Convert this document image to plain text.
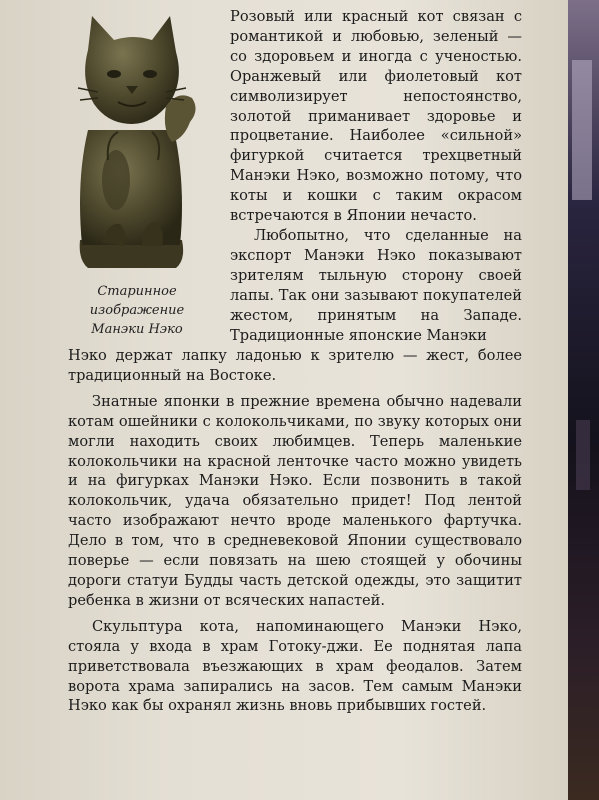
Старинное
изображение
Манэки Нэко

Розовый или красный кот связан с романтикой и любовью, зеленый — со здоровьем и иногда с ученостью. Оранжевый или фиолетовый кот символизирует непостоянство, золотой приманивает здоровье и процветание. Наиболее «сильной» фигуркой считается трехцветный Манэки Нэко, возможно потому, что коты и кошки с таким окрасом встречаются в Японии нечасто.

Любопытно, что сделанные на экспорт Манэки Нэко показывают зрителям тыльную сторону своей лапы. Так они зазывают покупателей жестом, принятым на Западе. Традиционные японские Манэки

Нэко держат лапку ладонью к зрителю — жест, более традиционный на Востоке.

Знатные японки в прежние времена обычно надевали котам ошейники с колокольчиками, по звуку которых они могли находить своих любимцев. Теперь маленькие колокольчики на красной ленточке часто можно увидеть и на фигурках Манэки Нэко. Если позвонить в такой колокольчик, удача обязательно придет! Под лентой часто изображают нечто вроде маленького фартучка. Дело в том, что в средневековой Японии существовало поверье — если повязать на шею стоящей у обочины дороги статуи Будды часть детской одежды, это защитит ребенка в жизни от всяческих напастей.

Скульптура кота, напоминающего Манэки Нэко, стояла у входа в храм Готоку-джи. Ее поднятая лапа приветствовала въезжающих в храм феодалов. Затем ворота храма запирались на засов. Тем самым Манэки Нэко как бы охранял жизнь вновь прибывших гостей.
